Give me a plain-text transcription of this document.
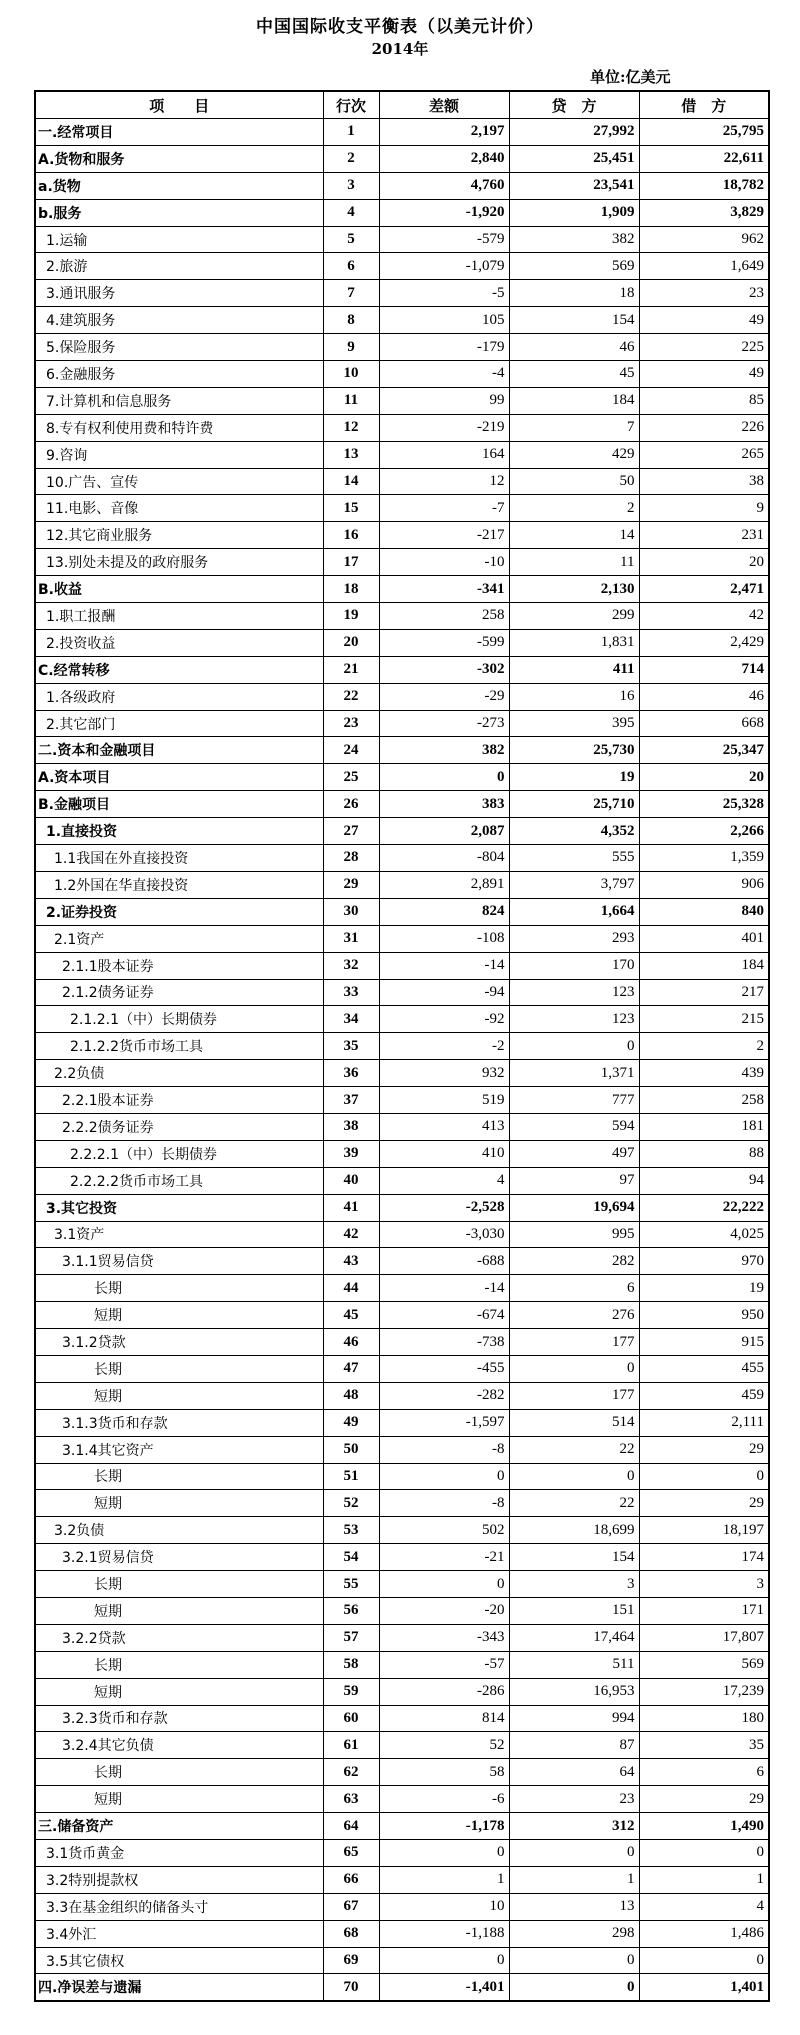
中国国际收支平衡表（以美元计价）
2014年
单位:亿美元
项　　目	行次	差额	贷　方	借　方
一.经常项目	1	2,197	27,992	25,795
A.货物和服务	2	2,840	25,451	22,611
a.货物	3	4,760	23,541	18,782
b.服务	4	-1,920	1,909	3,829
1.运输	5	-579	382	962
2.旅游	6	-1,079	569	1,649
3.通讯服务	7	-5	18	23
4.建筑服务	8	105	154	49
5.保险服务	9	-179	46	225
6.金融服务	10	-4	45	49
7.计算机和信息服务	11	99	184	85
8.专有权利使用费和特许费	12	-219	7	226
9.咨询	13	164	429	265
10.广告、宣传	14	12	50	38
11.电影、音像	15	-7	2	9
12.其它商业服务	16	-217	14	231
13.别处未提及的政府服务	17	-10	11	20
B.收益	18	-341	2,130	2,471
1.职工报酬	19	258	299	42
2.投资收益	20	-599	1,831	2,429
C.经常转移	21	-302	411	714
1.各级政府	22	-29	16	46
2.其它部门	23	-273	395	668
二.资本和金融项目	24	382	25,730	25,347
A.资本项目	25	0	19	20
B.金融项目	26	383	25,710	25,328
1.直接投资	27	2,087	4,352	2,266
1.1我国在外直接投资	28	-804	555	1,359
1.2外国在华直接投资	29	2,891	3,797	906
2.证券投资	30	824	1,664	840
2.1资产	31	-108	293	401
2.1.1股本证券	32	-14	170	184
2.1.2债务证券	33	-94	123	217
2.1.2.1（中）长期债券	34	-92	123	215
2.1.2.2货币市场工具	35	-2	0	2
2.2负债	36	932	1,371	439
2.2.1股本证券	37	519	777	258
2.2.2债务证券	38	413	594	181
2.2.2.1（中）长期债券	39	410	497	88
2.2.2.2货币市场工具	40	4	97	94
3.其它投资	41	-2,528	19,694	22,222
3.1资产	42	-3,030	995	4,025
3.1.1贸易信贷	43	-688	282	970
长期	44	-14	6	19
短期	45	-674	276	950
3.1.2贷款	46	-738	177	915
长期	47	-455	0	455
短期	48	-282	177	459
3.1.3货币和存款	49	-1,597	514	2,111
3.1.4其它资产	50	-8	22	29
长期	51	0	0	0
短期	52	-8	22	29
3.2负债	53	502	18,699	18,197
3.2.1贸易信贷	54	-21	154	174
长期	55	0	3	3
短期	56	-20	151	171
3.2.2贷款	57	-343	17,464	17,807
长期	58	-57	511	569
短期	59	-286	16,953	17,239
3.2.3货币和存款	60	814	994	180
3.2.4其它负债	61	52	87	35
长期	62	58	64	6
短期	63	-6	23	29
三.储备资产	64	-1,178	312	1,490
3.1货币黄金	65	0	0	0
3.2特别提款权	66	1	1	1
3.3在基金组织的储备头寸	67	10	13	4
3.4外汇	68	-1,188	298	1,486
3.5其它债权	69	0	0	0
四.净误差与遗漏	70	-1,401	0	1,401
